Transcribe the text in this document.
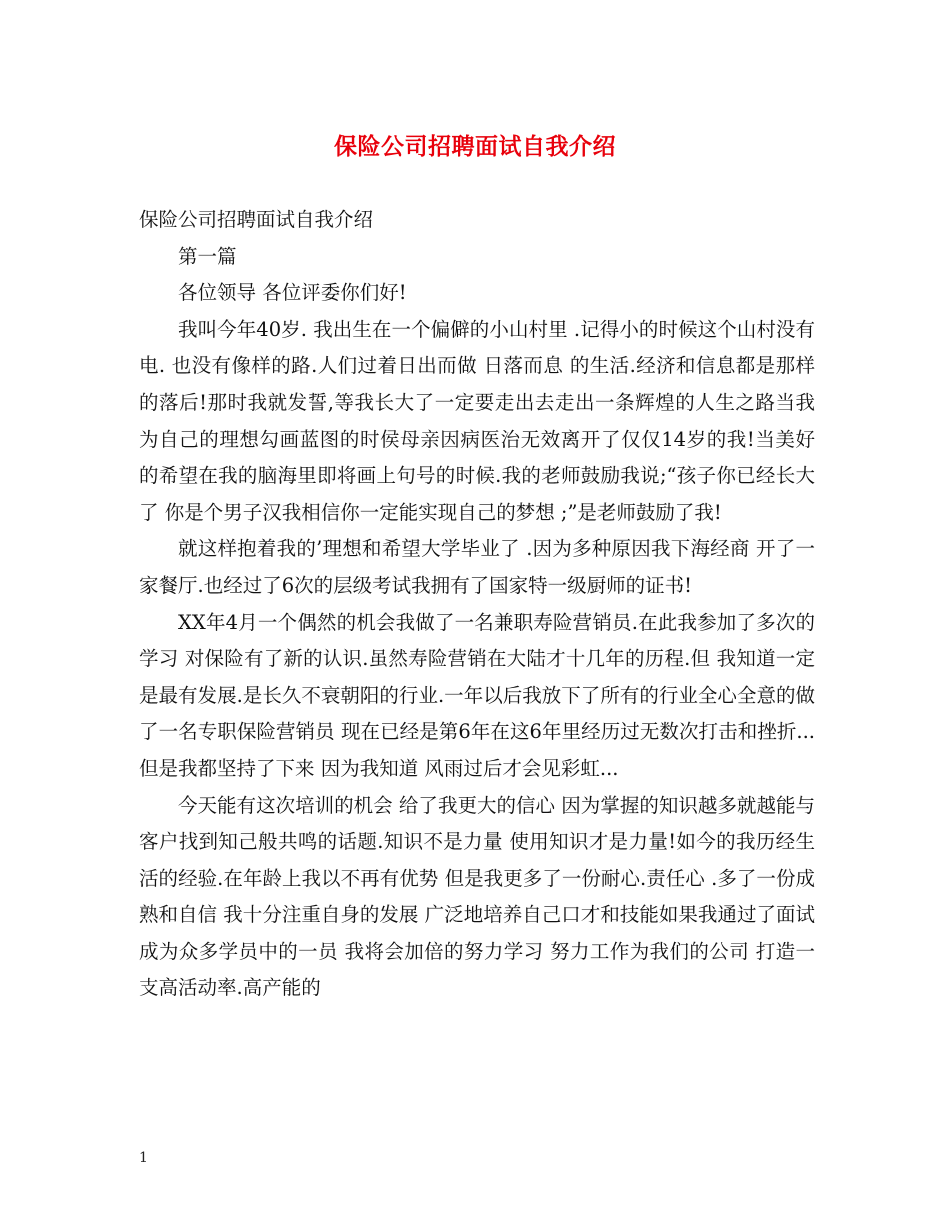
保险公司招聘面试自我介绍

保险公司招聘面试自我介绍

第一篇

各位领导 各位评委你们好!

我叫今年40岁. 我出生在一个偏僻的小山村里 .记得小的时候这个山村没有电. 也没有像样的路.人们过着日出而做 日落而息 的生活.经济和信息都是那样的落后!那时我就发誓,等我长大了一定要走出去走出一条辉煌的人生之路当我为自己的理想勾画蓝图的时侯母亲因病医治无效离开了仅仅14岁的我!当美好的希望在我的脑海里即将画上句号的时候.我的老师鼓励我说;“孩子你已经长大了 你是个男子汉我相信你一定能实现自己的梦想 ;”是老师鼓励了我!

就这样抱着我的’理想和希望大学毕业了 .因为多种原因我下海经商 开了一家餐厅.也经过了6次的层级考试我拥有了国家特一级厨师的证书!

XX年4月一个偶然的机会我做了一名兼职寿险营销员.在此我参加了多次的学习 对保险有了新的认识.虽然寿险营销在大陆才十几年的历程.但 我知道一定是最有发展.是长久不衰朝阳的行业.一年以后我放下了所有的行业全心全意的做了一名专职保险营销员 现在已经是第6年在这6年里经历过无数次打击和挫折...但是我都坚持了下来 因为我知道 风雨过后才会见彩虹...

今天能有这次培训的机会 给了我更大的信心 因为掌握的知识越多就越能与客户找到知己般共鸣的话题.知识不是力量 使用知识才是力量!如今的我历经生活的经验.在年龄上我以不再有优势 但是我更多了一份耐心.责任心 .多了一份成熟和自信 我十分注重自身的发展 广泛地培养自己口才和技能如果我通过了面试成为众多学员中的一员 我将会加倍的努力学习 努力工作为我们的公司 打造一支高活动率.高产能的

1
